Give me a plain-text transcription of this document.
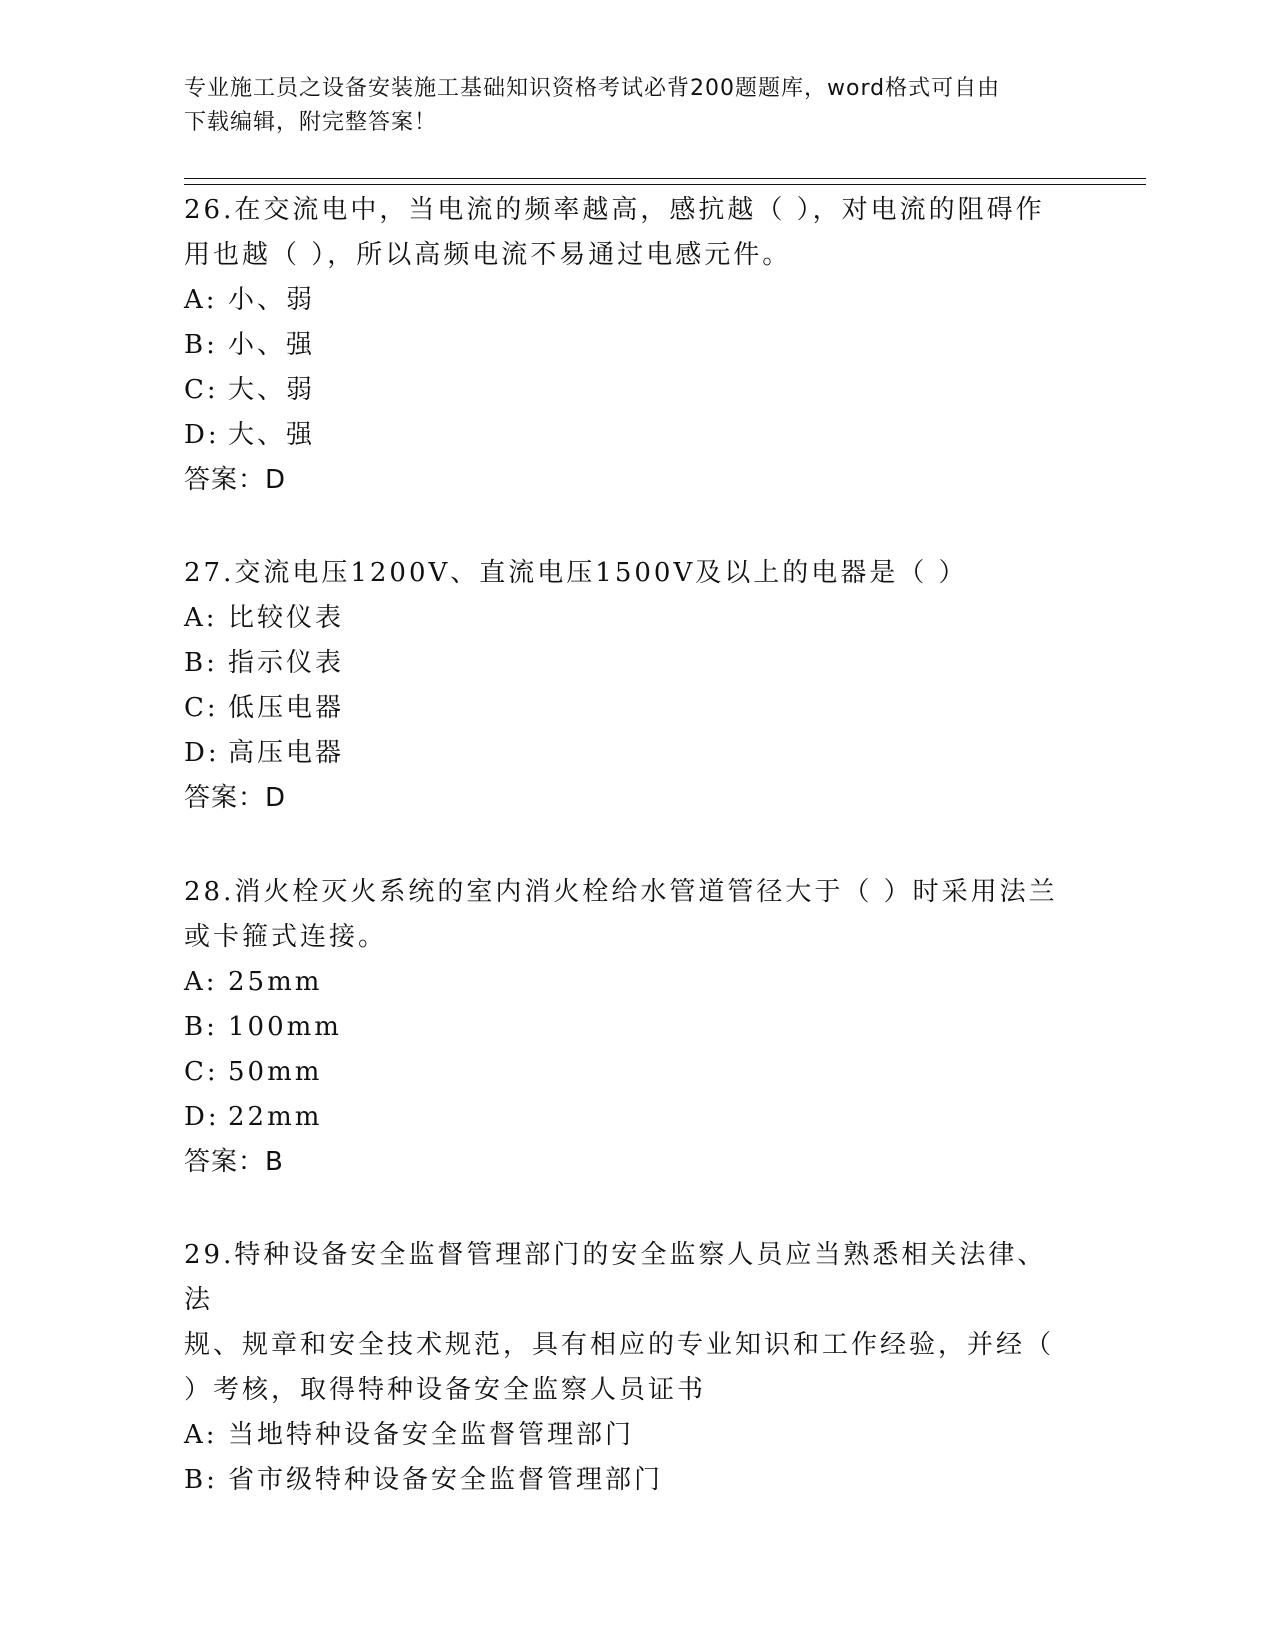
专业施工员之设备安装施工基础知识资格考试必背200题题库，word格式可自由
下载编辑，附完整答案！

26.在交流电中，当电流的频率越高，感抗越（ ），对电流的阻碍作

用也越（ ），所以高频电流不易通过电感元件。

A: 小、弱

B: 小、强

C: 大、弱

D: 大、强

答案：D

27.交流电压1200V、直流电压1500V及以上的电器是（ ）

A: 比较仪表

B: 指示仪表

C: 低压电器

D: 高压电器

答案：D

28.消火栓灭火系统的室内消火栓给水管道管径大于（ ）时采用法兰

或卡箍式连接。

A: 25mm

B: 100mm

C: 50mm

D: 22mm

答案：B

29.特种设备安全监督管理部门的安全监察人员应当熟悉相关法律、法

规、规章和安全技术规范，具有相应的专业知识和工作经验，并经（

）考核，取得特种设备安全监察人员证书

A: 当地特种设备安全监督管理部门

B: 省市级特种设备安全监督管理部门
